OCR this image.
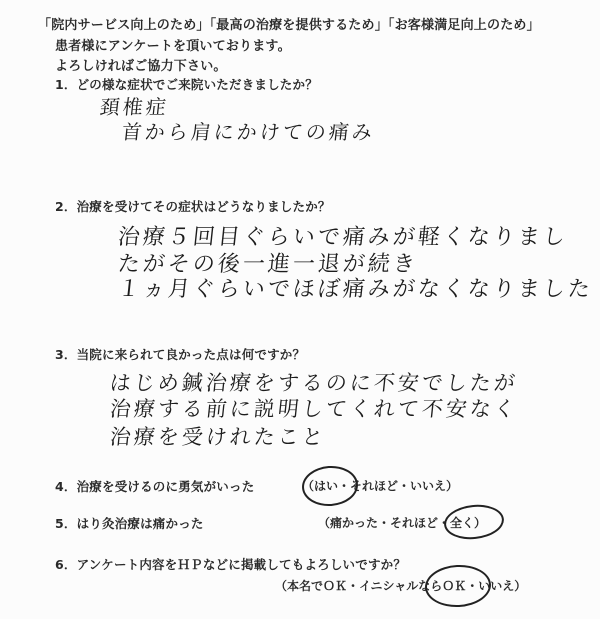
「院内サービス向上のため」「最高の治療を提供するため」「お客様満足向上のため」
患者様にアンケートを頂いております。
よろしければご協力下さい。
1．どの様な症状でご来院いただきましたか？
頚椎症
首から肩にかけての痛み
2．治療を受けてその症状はどうなりましたか？
治療５回目ぐらいで痛みが軽くなりまし
たがその後一進一退が続き
１ヵ月ぐらいでほぼ痛みがなくなりました
3．当院に来られて良かった点は何ですか？
はじめ鍼治療をするのに不安でしたが
治療する前に説明してくれて不安なく
治療を受けれたこと
4．治療を受けるのに勇気がいった	（はい・それほど・いいえ）
5．はり灸治療は痛かった	（痛かった・それほど・全く）
6．アンケート内容をＨＰなどに掲載してもよろしいですか？
（本名でＯＫ・イニシャルならＯＫ・いいえ）
